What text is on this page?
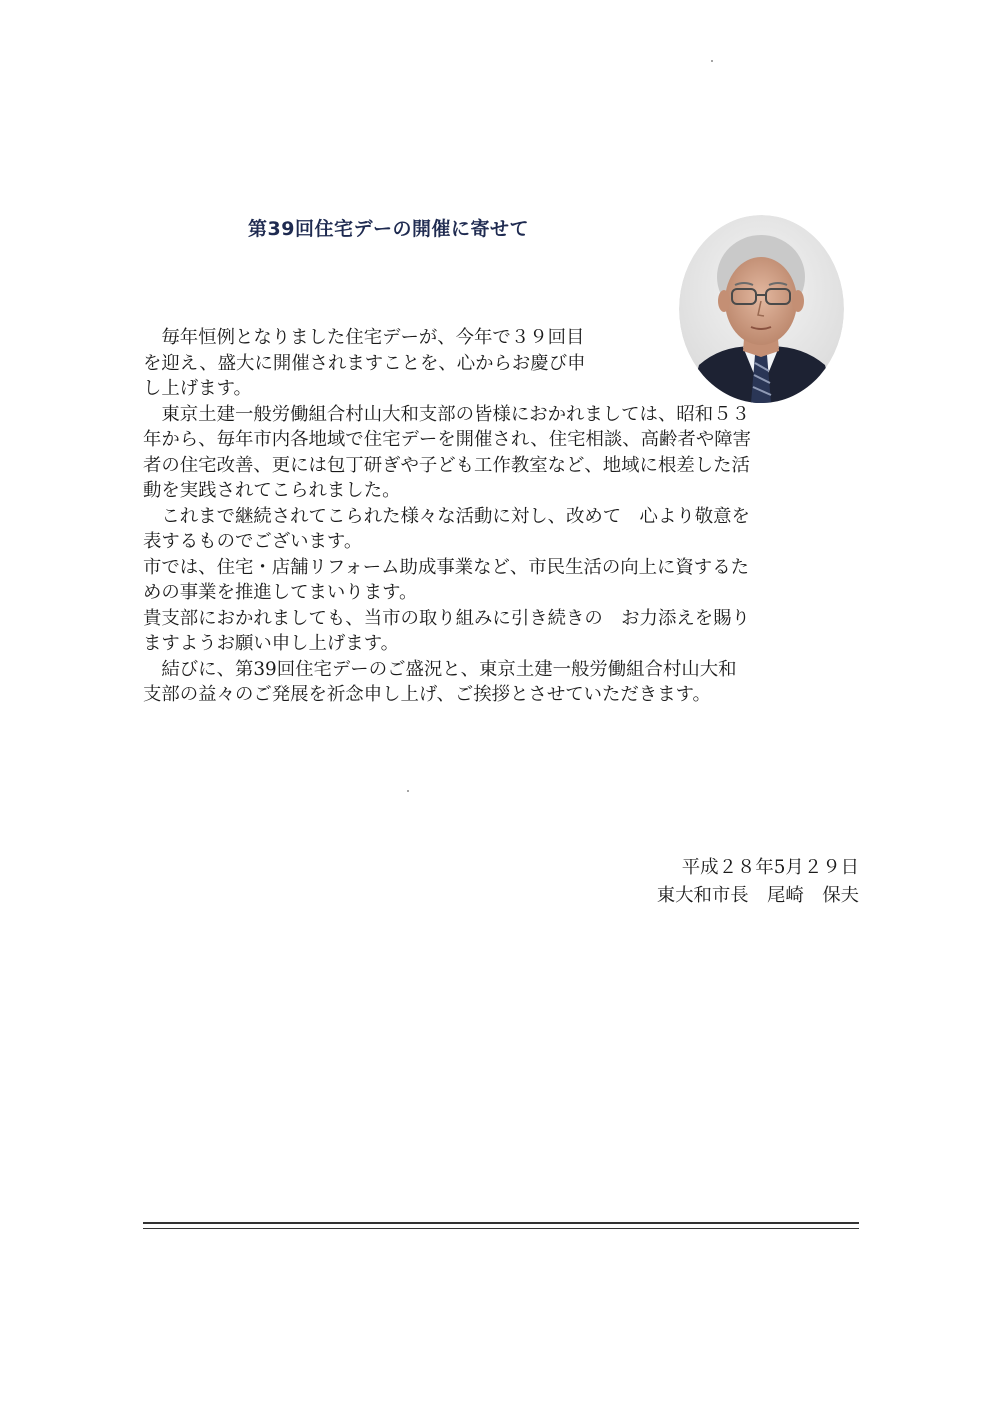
第39回住宅デーの開催に寄せて
　毎年恒例となりました住宅デーが、今年で３９回目
を迎え、盛大に開催されますことを、心からお慶び申
し上げます。
　東京土建一般労働組合村山大和支部の皆様におかれましては、昭和５３
年から、毎年市内各地域で住宅デーを開催され、住宅相談、高齢者や障害
者の住宅改善、更には包丁研ぎや子ども工作教室など、地域に根差した活
動を実践されてこられました。
　これまで継続されてこられた様々な活動に対し、改めて　心より敬意を
表するものでございます。
市では、住宅・店舗リフォーム助成事業など、市民生活の向上に資するた
めの事業を推進してまいります。
貴支部におかれましても、当市の取り組みに引き続きの　お力添えを賜り
ますようお願い申し上げます。
　結びに、第39回住宅デーのご盛況と、東京土建一般労働組合村山大和
支部の益々のご発展を祈念申し上げ、ご挨拶とさせていただきます。
平成２８年5月２９日
東大和市長　尾崎　保夫
